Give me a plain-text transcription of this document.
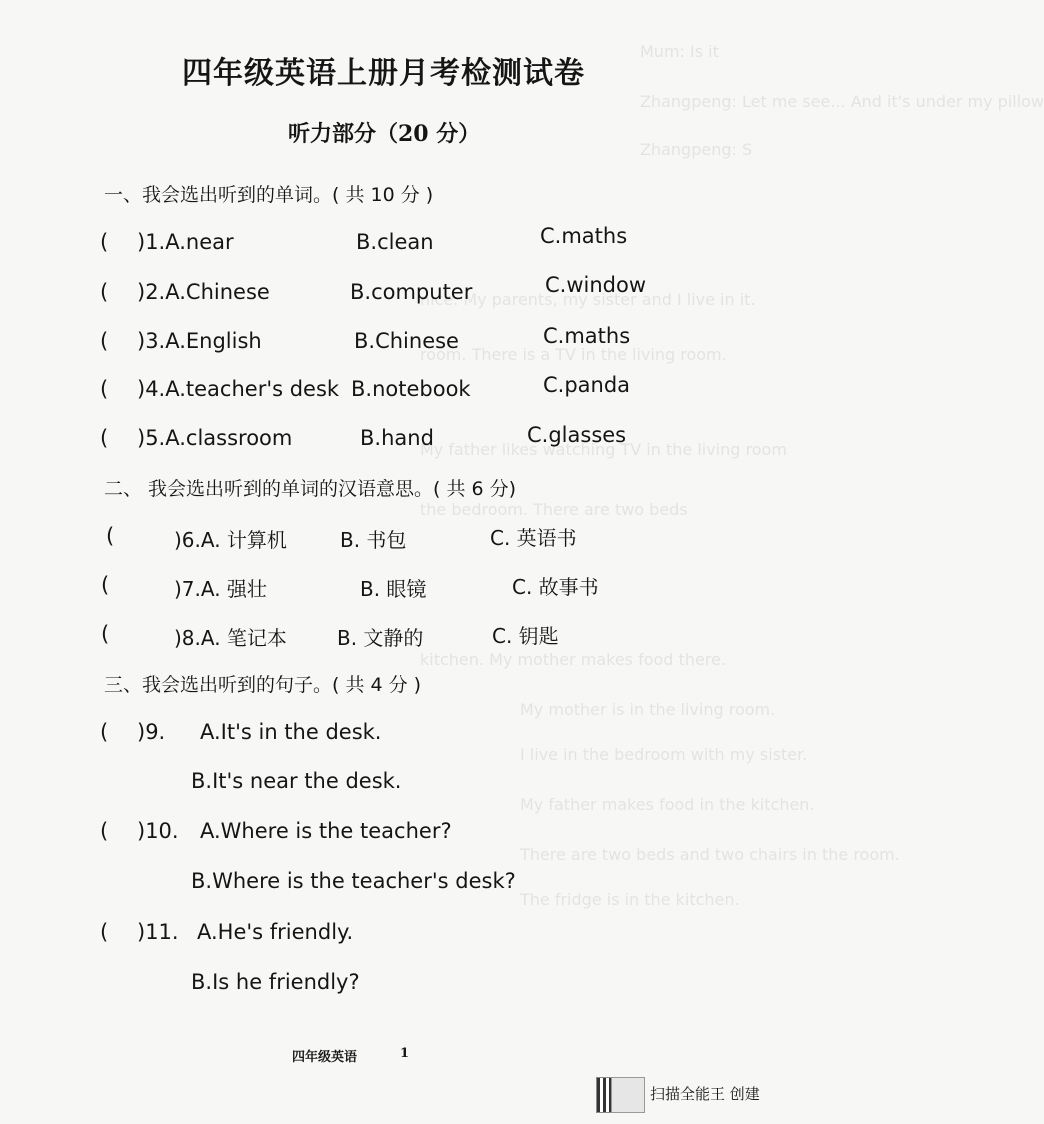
Mum: Is it
Zhangpeng: Let me see... And it's under my pillow
Zhangpeng: S
nice. My parents, my sister and I live in it.
room. There is a TV in the living room.
My father likes watching TV in the living room
the bedroom. There are two beds
kitchen. My mother makes food there.
My mother is in the living room.
I live in the bedroom with my sister.
My father makes food in the kitchen.
There are two beds and two chairs in the room.
The fridge is in the kitchen.
四年级英语上册月考检测试卷
听力部分（20 分）
一、我会选出听到的单词。( 共 10 分 )
( )1.A.near	B.clean	C.maths
( )2.A.Chinese	B.computer	C.window
( )3.A.English	B.Chinese	C.maths
( )4.A.teacher's desk B.notebook	C.panda
( )5.A.classroom	B.hand	C.glasses
二、 我会选出听到的单词的汉语意思。( 共 6 分)
(	)6.A. 计算机	B. 书包	C. 英语书
(	)7.A. 强壮	B. 眼镜	C. 故事书
(	)8.A. 笔记本	B. 文静的	C. 钥匙
三、我会选出听到的句子。( 共 4 分 )
( )9. A.It's in the desk.
B.It's near the desk.
( )10. A.Where is the teacher?
B.Where is the teacher's desk?
( )11. A.He's friendly.
B.Is he friendly?
四年级英语	1
扫描全能王 创建
